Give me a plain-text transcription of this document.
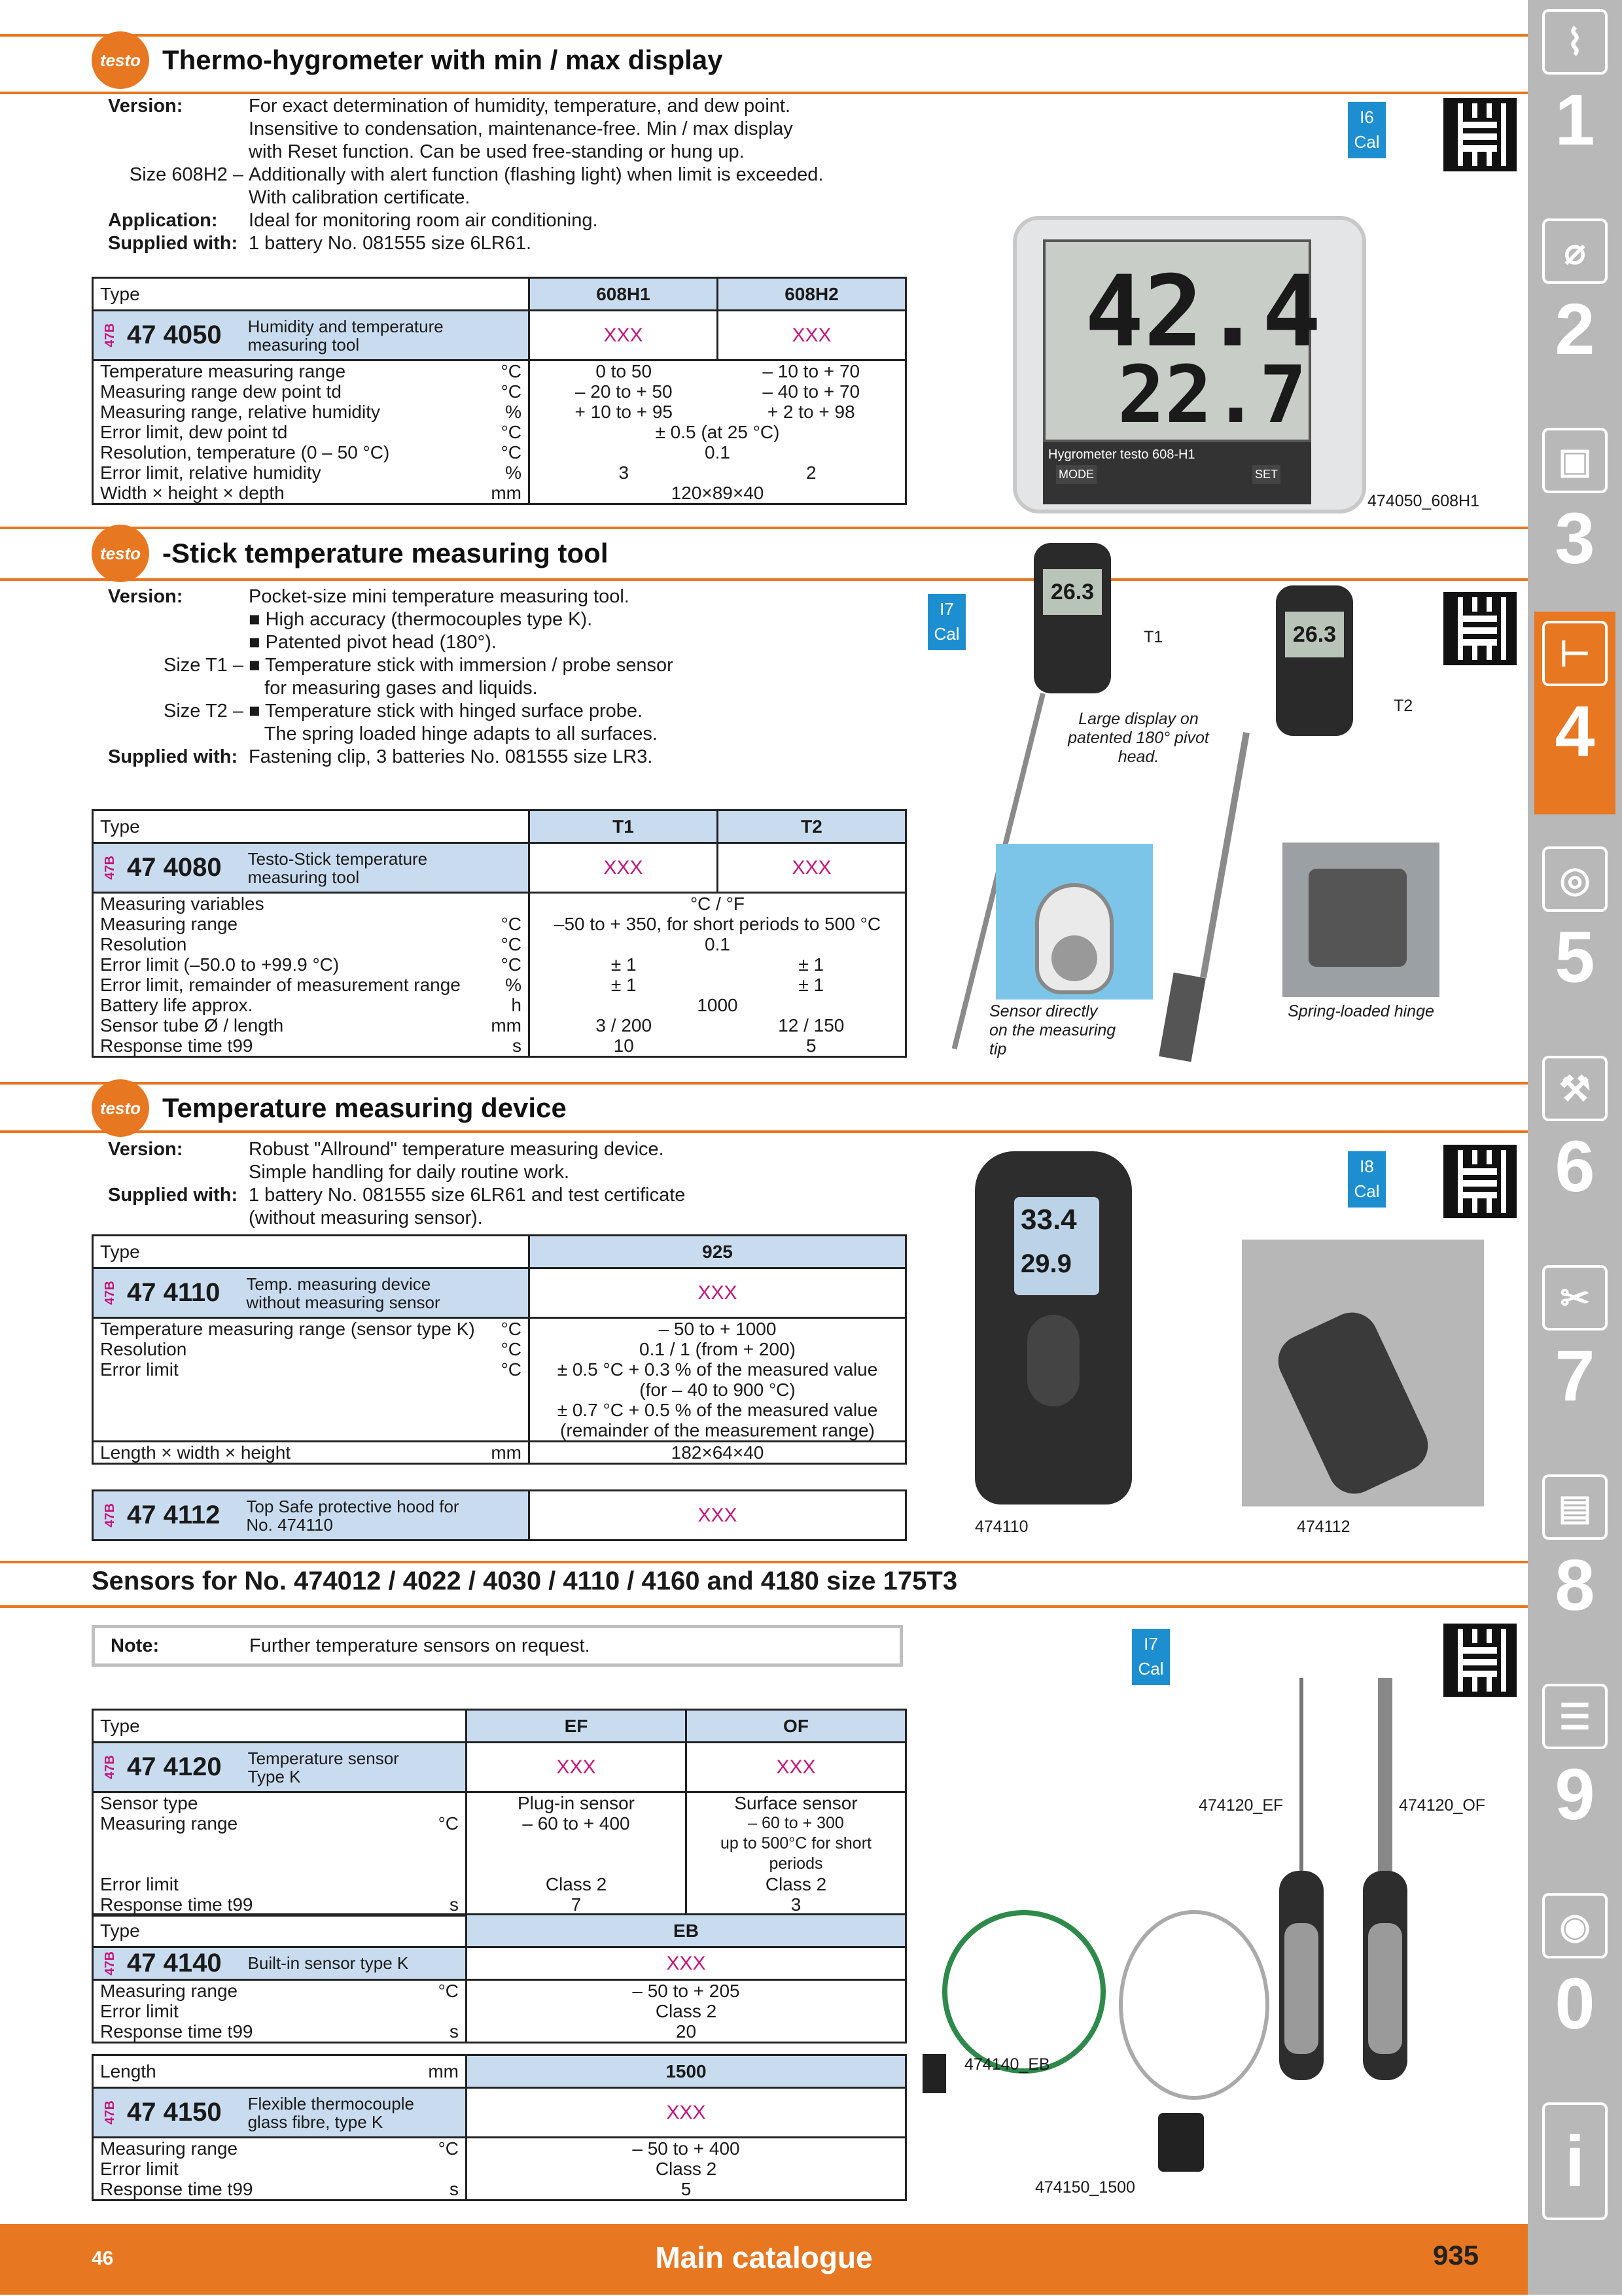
testo Thermo-hygrometer with min / max display
Version:	For exact determination of humidity, temperature, and dew point.
Insensitive to condensation, maintenance-free. Min / max display
with Reset function. Can be used free-standing or hung up.
Size 608H2 – Additionally with alert function (flashing light) when limit is exceeded.
With calibration certificate.
Application:	Ideal for monitoring room air conditioning.
Supplied with: 1 battery No. 081555 size 6LR61.
Type		608H1	608H2

47B 47 4050 Humidity and temperature measuring tool		XXX	XXX
Temperature measuring range	°C	0 to 50	– 10 to + 70
Measuring range dew point td	°C	– 20 to + 50	– 40 to + 70
Measuring range, relative humidity	%	+ 10 to + 95	+ 2 to + 98
Error limit, dew point td	°C	± 0.5 (at 25 °C)	
Resolution, temperature (0 – 50 °C)	°C	0.1	
Error limit, relative humidity	%	3	2
Width × height × depth	mm	120×89×40	
I6
Cal
42.4
22.7
Hygrometer testo 608-H1
MODE	SET
474050_608H1
testo -Stick temperature measuring tool
Version:	Pocket-size mini temperature measuring tool.
■ High accuracy (thermocouples type K).
■ Patented pivot head (180°).
Size T1 – ■ Temperature stick with immersion / probe sensor
for measuring gases and liquids.
Size T2 – ■ Temperature stick with hinged surface probe.
The spring loaded hinge adapts to all surfaces.
Supplied with: Fastening clip, 3 batteries No. 081555 size LR3.
Type		T1	T2

47B 47 4080 Testo-Stick temperature measuring tool		XXX	XXX
Measuring variables		°C / °F	
Measuring range	°C	–50 to + 350, for short periods to 500 °C	
Resolution	°C	0.1	
Error limit (–50.0 to +99.9 °C)	°C	± 1	± 1
Error limit, remainder of measurement range	%	± 1	± 1
Battery life approx.	h	1000	
Sensor tube Ø / length	mm	3 / 200	12 / 150
Response time t99	s	10	5
I7
Cal
26.3
T1	26.3
T2
Large display on patented 180° pivot head.
Sensor directly on the measuring tip
Spring-loaded hinge
testo Temperature measuring device
Version:	Robust "Allround" temperature measuring device.
Simple handling for daily routine work.
Supplied with: 1 battery No. 081555 size 6LR61 and test certificate
(without measuring sensor).
Type		925

47B 47 4110 Temp. measuring device without measuring sensor		XXX
Temperature measuring range (sensor type K)	°C	– 50 to + 1000
Resolution	°C	0.1 / 1 (from + 200)
Error limit	°C	± 0.5 °C + 0.3 % of the measured value
(for – 40 to 900 °C)
± 0.7 °C + 0.5 % of the measured value
(remainder of the measurement range)
Length × width × height	mm	182×64×40
47B 47 4112 Top Safe protective hood for No. 474110	XXX
I8
Cal
33.4
29.9
474110	474112
Sensors for No. 474012 / 4022 / 4030 / 4110 / 4160 and 4180 size 175T3
Note:	Further temperature sensors on request.
Type		EF	OF

47B 47 4120 Temperature sensor Type K		XXX	XXX
Sensor type		Plug-in sensor	Surface sensor
Measuring range	°C	– 60 to + 400	– 60 to + 300
up to 500°C for short periods
Error limit		Class 2	Class 2
Response time t99	s	7	3
Type		EB

47B 47 4140 Built-in sensor type K		XXX
Measuring range	°C	– 50 to + 205
Error limit		Class 2
Response time t99	s	20
Length	mm	1500

47B 47 4150 Flexible thermocouple glass fibre, type K		XXX
Measuring range	°C	– 50 to + 400
Error limit		Class 2
Response time t99	s	5
I7
Cal
474120_EF	474120_OF
474140_EB
474150_1500
⌇
1
⌀
2
▣
3
⊢
4
◎
5
⚒
6
✂
7
▤
8
☰
9
◉
0
i
46	Main catalogue	935
